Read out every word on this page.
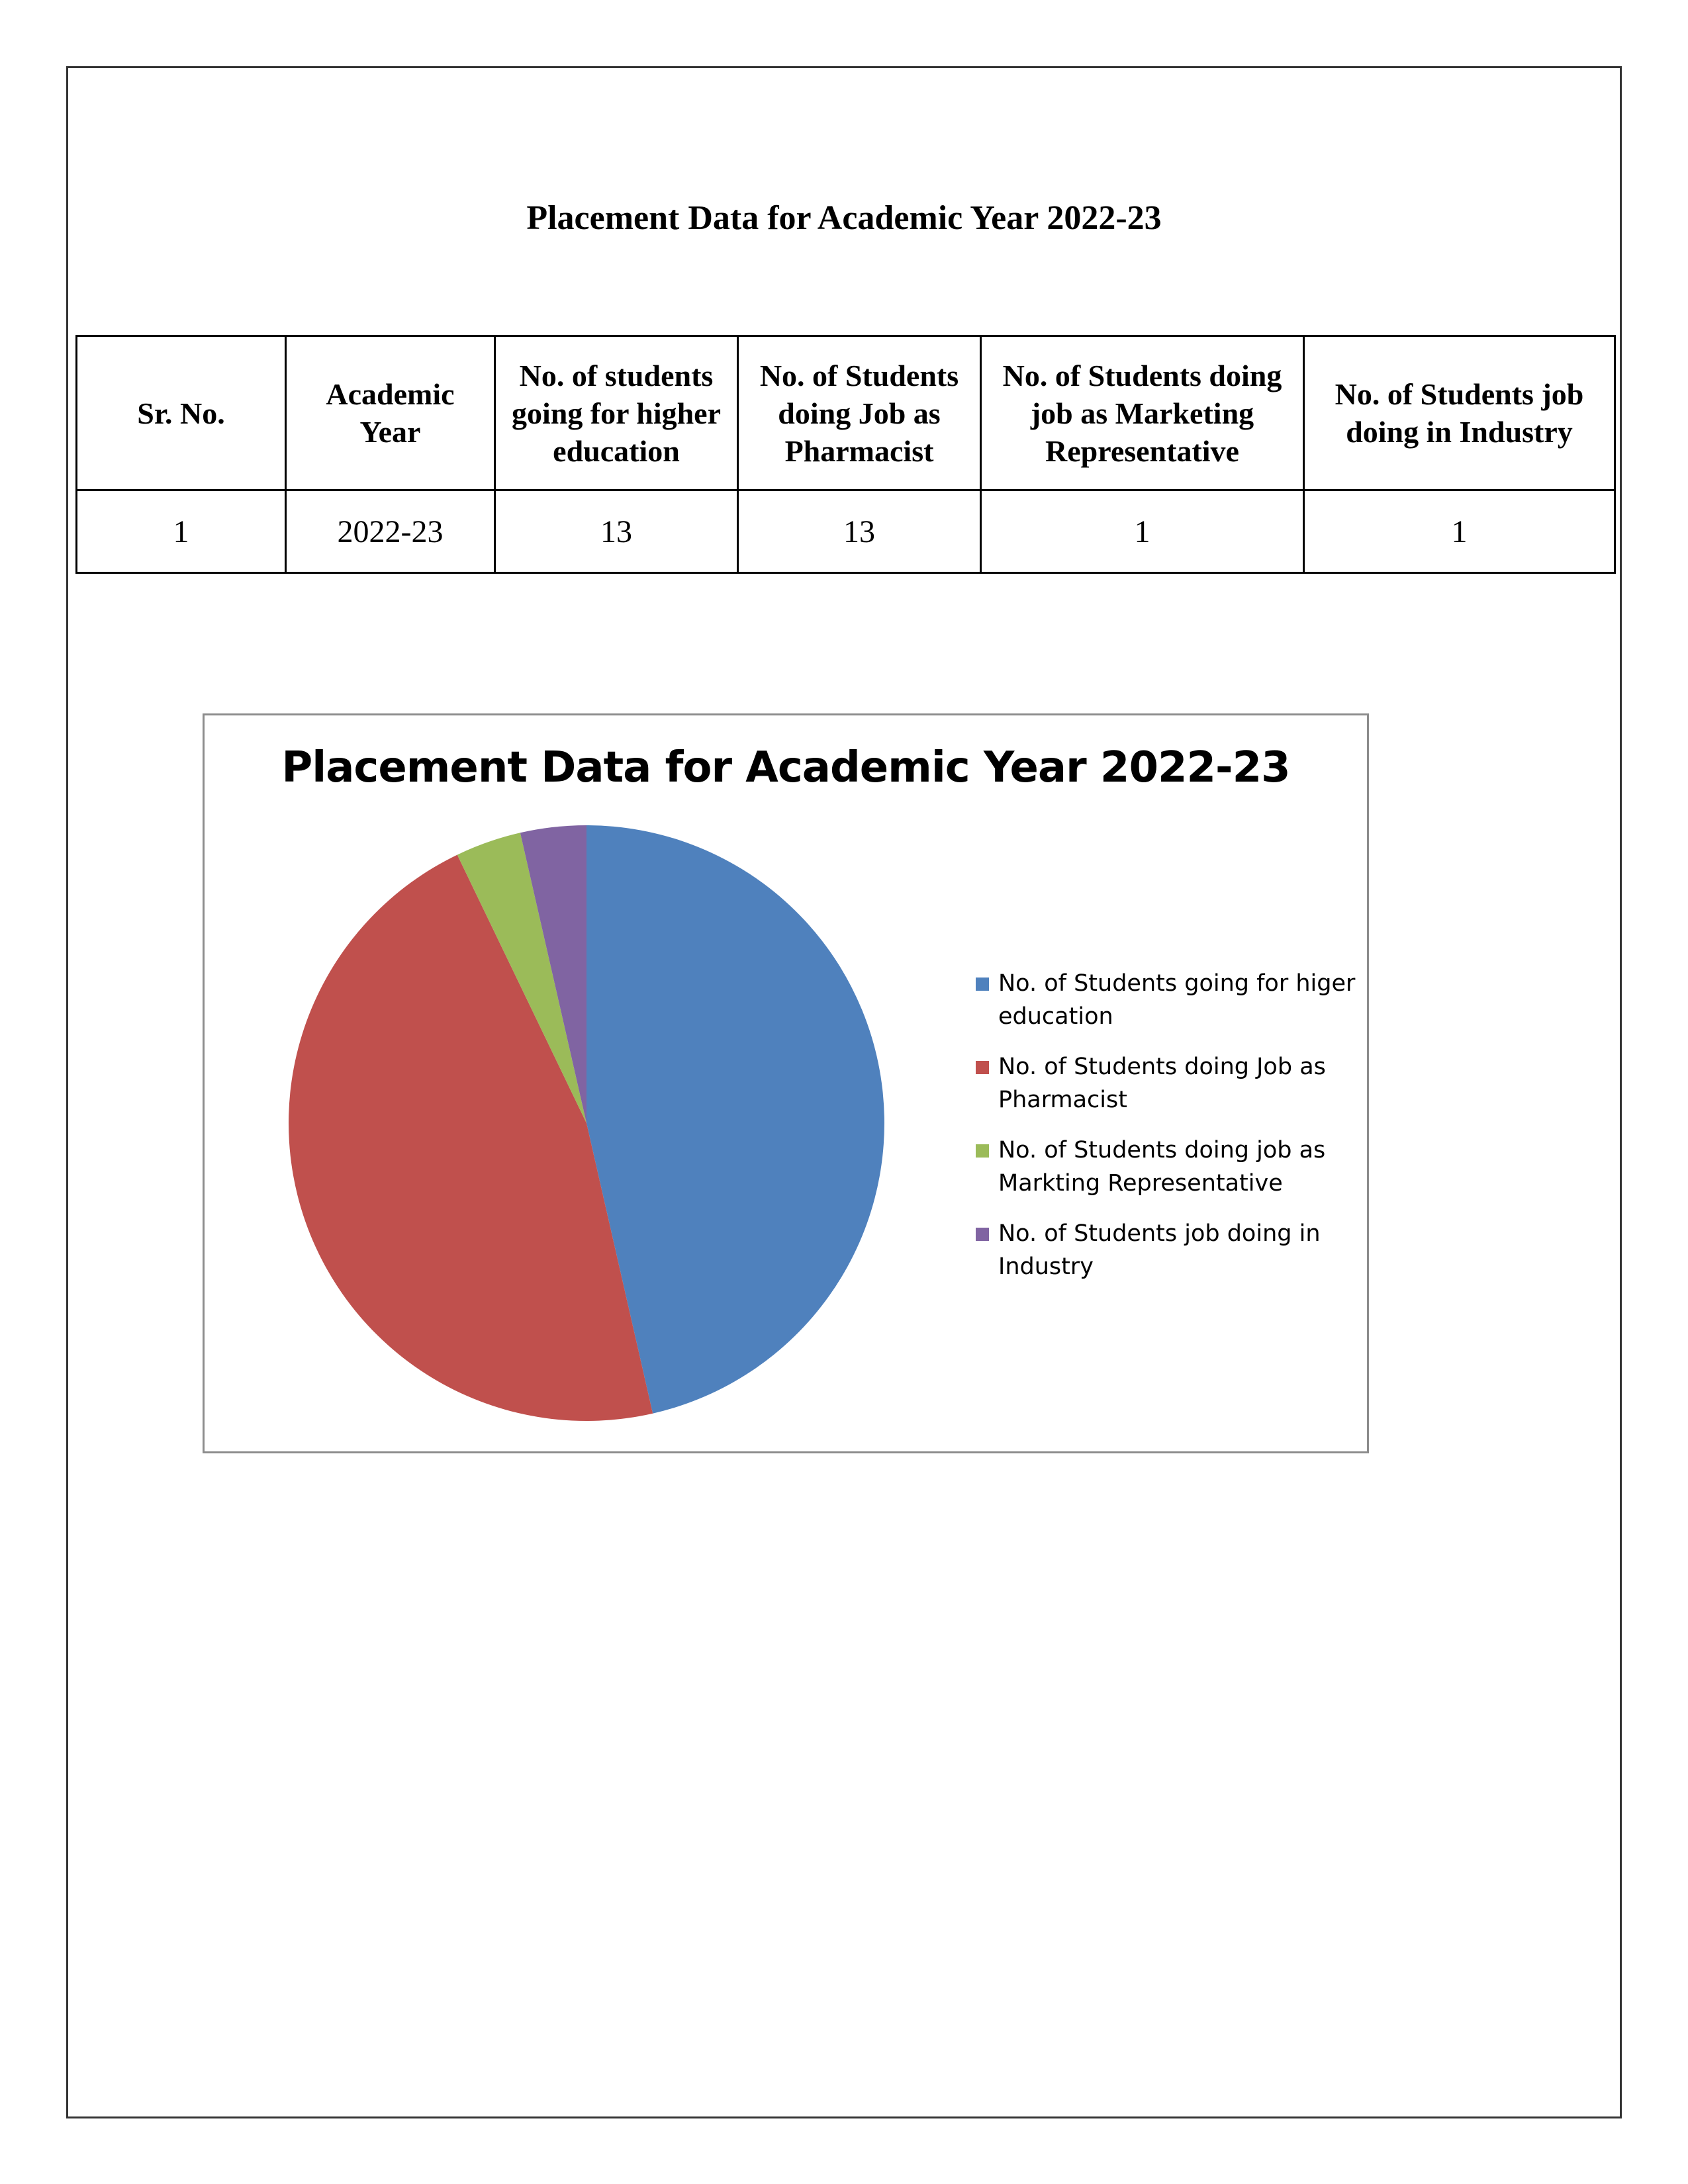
Placement Data for Academic Year 2022-23
Sr. No.	Academic Year	No. of students going for higher education	No. of Students doing Job as Pharmacist	No. of Students doing job as Marketing Representative	No. of Students job doing in Industry
1	2022-23	13	13	1	1
Placement Data for Academic Year 2022-23
No. of Students going for higer education
No. of Students doing Job as Pharmacist
No. of Students doing job as Markting Representative
No. of Students job doing in Industry
